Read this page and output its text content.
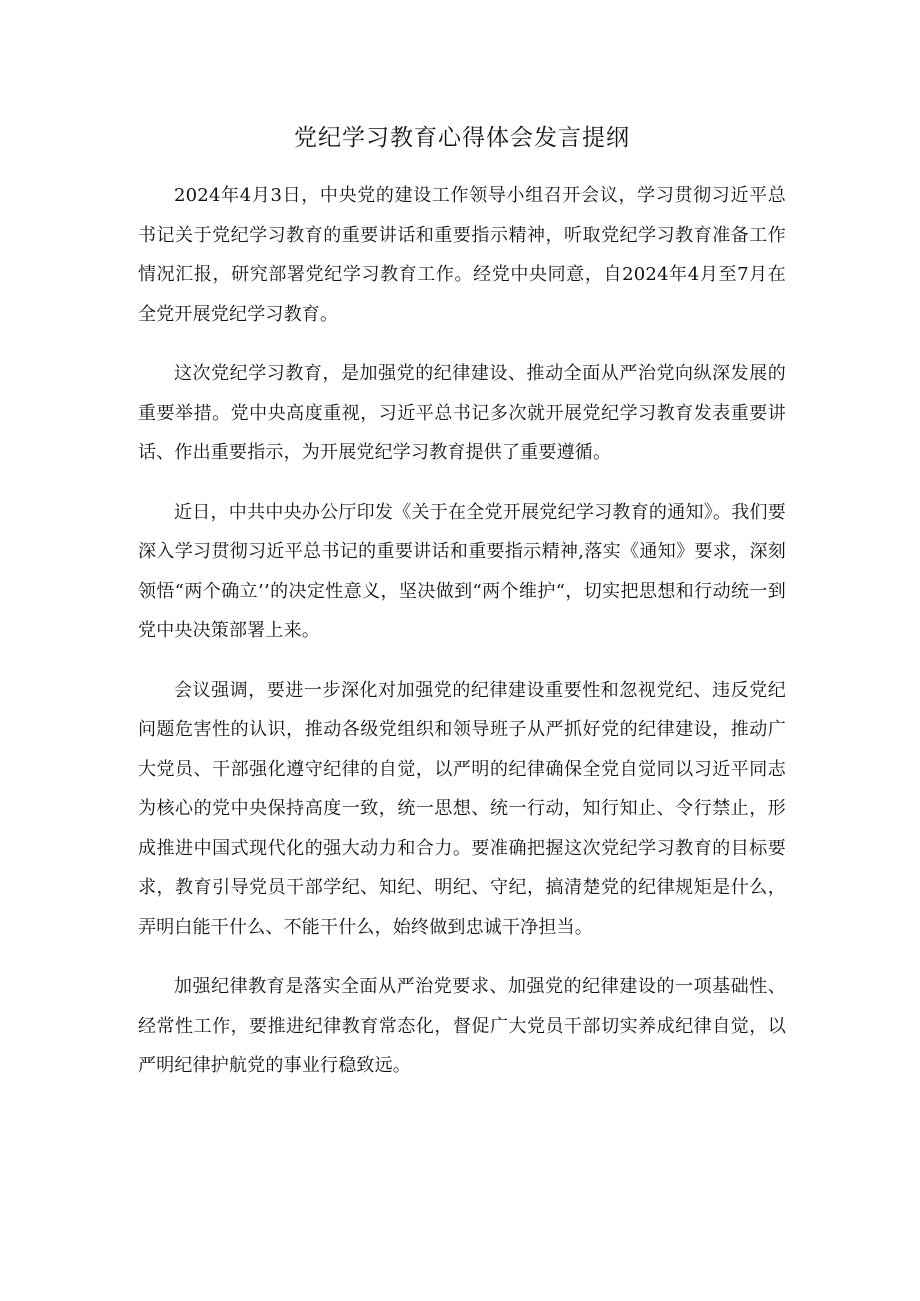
党纪学习教育心得体会发言提纲

2024年4月3日，中央党的建设工作领导小组召开会议，学习贯彻习近平总书记关于党纪学习教育的重要讲话和重要指示精神，听取党纪学习教育准备工作情况汇报，研究部署党纪学习教育工作。经党中央同意，自2024年4月至7月在全党开展党纪学习教育。

这次党纪学习教育，是加强党的纪律建设、推动全面从严治党向纵深发展的重要举措。党中央高度重视，习近平总书记多次就开展党纪学习教育发表重要讲话、作出重要指示，为开展党纪学习教育提供了重要遵循。

近日，中共中央办公厅印发《关于在全党开展党纪学习教育的通知》。我们要深入学习贯彻习近平总书记的重要讲话和重要指示精神,落实《通知》要求，深刻领悟“两个确立’’的决定性意义，坚决做到“两个维护“，切实把思想和行动统一到党中央决策部署上来。

会议强调，要进一步深化对加强党的纪律建设重要性和忽视党纪、违反党纪问题危害性的认识，推动各级党组织和领导班子从严抓好党的纪律建设，推动广大党员、干部强化遵守纪律的自觉，以严明的纪律确保全党自觉同以习近平同志为核心的党中央保持高度一致，统一思想、统一行动，知行知止、令行禁止，形成推进中国式现代化的强大动力和合力。要准确把握这次党纪学习教育的目标要求，教育引导党员干部学纪、知纪、明纪、守纪，搞清楚党的纪律规矩是什么，弄明白能干什么、不能干什么，始终做到忠诚干净担当。

加强纪律教育是落实全面从严治党要求、加强党的纪律建设的一项基础性、经常性工作，要推进纪律教育常态化，督促广大党员干部切实养成纪律自觉，以严明纪律护航党的事业行稳致远。
